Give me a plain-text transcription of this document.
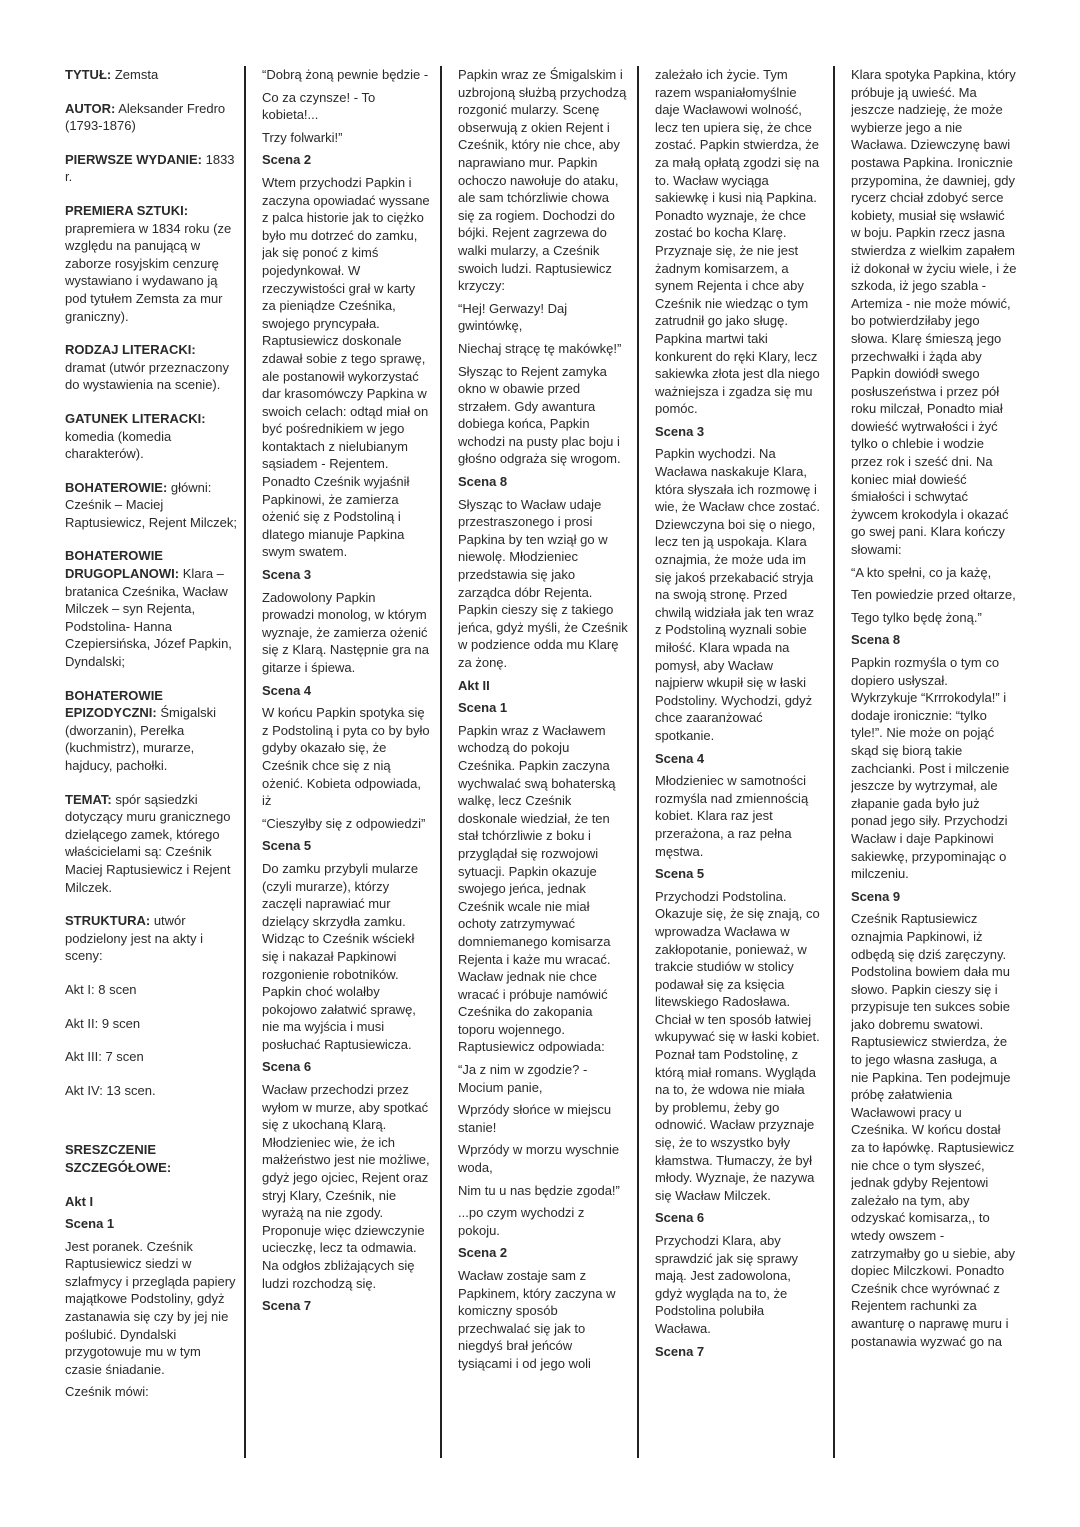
TYTUŁ: Zemsta

AUTOR: Aleksander Fredro (1793-1876)

PIERWSZE WYDANIE: 1833 r.

PREMIERA SZTUKI:
prapremiera w 1834 roku (ze względu na panującą w zaborze rosyjskim cenzurę wystawiano i wydawano ją pod tytułem Zemsta za mur graniczny).

RODZAJ LITERACKI: dramat (utwór przeznaczony do wystawienia na scenie).

GATUNEK LITERACKI:
komedia (komedia charakterów).

BOHATEROWIE: główni: Cześnik – Maciej Raptusiewicz, Rejent Milczek;

BOHATEROWIE DRUGOPLANOWI: Klara – bratanica Cześnika, Wacław Milczek – syn Rejenta, Podstolina- Hanna Czepiersińska, Józef Papkin, Dyndalski;

BOHATEROWIE EPIZODYCZNI: Śmigalski (dworzanin), Perełka (kuchmistrz), murarze, hajducy, pachołki.

TEMAT: spór sąsiedzki dotyczący muru granicznego dzielącego zamek, którego właścicielami są: Cześnik Maciej Raptusiewicz i Rejent Milczek.

STRUKTURA: utwór podzielony jest na akty i sceny:

Akt I: 8 scen

Akt II: 9 scen

Akt III: 7 scen

Akt IV: 13 scen.

SRESZCZENIE SZCZEGÓŁOWE:

Akt I

Scena 1

Jest poranek. Cześnik Raptusiewicz siedzi w szlafmycy i przegląda papiery majątkowe Podstoliny, gdyż zastanawia się czy by jej nie poślubić. Dyndalski przygotowuje mu w tym czasie śniadanie.

Cześnik mówi:

“Dobrą żoną pewnie będzie -

Co za czynsze! - To kobieta!...

Trzy folwarki!”

Scena 2

Wtem przychodzi Papkin i zaczyna opowiadać wyssane z palca historie jak to ciężko było mu dotrzeć do zamku, jak się ponoć z kimś pojedynkował. W rzeczywistości grał w karty za pieniądze Cześnika, swojego pryncypała. Raptusiewicz doskonale zdawał sobie z tego sprawę, ale postanowił wykorzystać dar krasomówczy Papkina w swoich celach: odtąd miał on być pośrednikiem w jego kontaktach z nielubianym sąsiadem - Rejentem. Ponadto Cześnik wyjaśnił Papkinowi, że zamierza ożenić się z Podstoliną i dlatego mianuje Papkina swym swatem.

Scena 3

Zadowolony Papkin prowadzi monolog, w którym wyznaje, że zamierza ożenić się z Klarą. Następnie gra na gitarze i śpiewa.

Scena 4

W końcu Papkin spotyka się z Podstoliną i pyta co by było gdyby okazało się, że Cześnik chce się z nią ożenić. Kobieta odpowiada, iż

“Cieszyłby się z odpowiedzi”

Scena 5

Do zamku przybyli mularze (czyli murarze), którzy zaczęli naprawiać mur dzielący skrzydła zamku. Widząc to Cześnik wściekł się i nakazał Papkinowi rozgonienie robotników. Papkin choć wolałby pokojowo załatwić sprawę, nie ma wyjścia i musi posłuchać Raptusiewicza.

Scena 6

Wacław przechodzi przez wyłom w murze, aby spotkać się z ukochaną Klarą. Młodzieniec wie, że ich małżeństwo jest nie możliwe, gdyż jego ojciec, Rejent oraz stryj Klary, Cześnik, nie wyrażą na nie zgody. Proponuje więc dziewczynie ucieczkę, lecz ta odmawia. Na odgłos zbliżających się ludzi rozchodzą się.

Scena 7

Papkin wraz ze Śmigalskim i uzbrojoną służbą przychodzą rozgonić mularzy. Scenę obserwują z okien Rejent i Cześnik, który nie chce, aby naprawiano mur. Papkin ochoczo nawołuje do ataku, ale sam tchórzliwie chowa się za rogiem. Dochodzi do bójki. Rejent zagrzewa do walki mularzy, a Cześnik swoich ludzi. Raptusiewicz krzyczy:

“Hej! Gerwazy! Daj gwintówkę,

Niechaj strącę tę makówkę!”

Słysząc to Rejent zamyka okno w obawie przed strzałem. Gdy awantura dobiega końca, Papkin wchodzi na pusty plac boju i głośno odgraża się wrogom.

Scena 8

Słysząc to Wacław udaje przestraszonego i prosi Papkina by ten wziął go w niewolę. Młodzieniec przedstawia się jako zarządca dóbr Rejenta. Papkin cieszy się z takiego jeńca, gdyż myśli, że Cześnik w podzience odda mu Klarę za żonę.

Akt II

Scena 1

Papkin wraz z Wacławem wchodzą do pokoju Cześnika. Papkin zaczyna wychwalać swą bohaterską walkę, lecz Cześnik doskonale wiedział, że ten stał tchórzliwie z boku i przyglądał się rozwojowi sytuacji. Papkin okazuje swojego jeńca, jednak Cześnik wcale nie miał ochoty zatrzymywać domniemanego komisarza Rejenta i każe mu wracać. Wacław jednak nie chce wracać i próbuje namówić Cześnika do zakopania toporu wojennego. Raptusiewicz odpowiada:

“Ja z nim w zgodzie? - Mocium panie,

Wprzódy słońce w miejscu stanie!

Wprzódy w morzu wyschnie woda,

Nim tu u nas będzie zgoda!”

...po czym wychodzi z pokoju.

Scena 2

Wacław zostaje sam z Papkinem, który zaczyna w komiczny sposób przechwalać się jak to niegdyś brał jeńców tysiącami i od jego woli

zależało ich życie. Tym razem wspaniałomyślnie daje Wacławowi wolność, lecz ten upiera się, że chce zostać. Papkin stwierdza, że za małą opłatą zgodzi się na to. Wacław wyciąga sakiewkę i kusi nią Papkina. Ponadto wyznaje, że chce zostać bo kocha Klarę. Przyznaje się, że nie jest żadnym komisarzem, a synem Rejenta i chce aby Cześnik nie wiedząc o tym zatrudnił go jako sługę. Papkina martwi taki konkurent do ręki Klary, lecz sakiewka złota jest dla niego ważniejsza i zgadza się mu pomóc.

Scena 3

Papkin wychodzi. Na Wacława naskakuje Klara, która słyszała ich rozmowę i wie, że Wacław chce zostać. Dziewczyna boi się o niego, lecz ten ją uspokaja. Klara oznajmia, że może uda im się jakoś przekabacić stryja na swoją stronę. Przed chwilą widziała jak ten wraz z Podstoliną wyznali sobie miłość. Klara wpada na pomysł, aby Wacław najpierw wkupił się w łaski Podstoliny. Wychodzi, gdyż chce zaaranżować spotkanie.

Scena 4

Młodzieniec w samotności rozmyśla nad zmiennością kobiet. Klara raz jest przerażona, a raz pełna męstwa.

Scena 5

Przychodzi Podstolina. Okazuje się, że się znają, co wprowadza Wacława w zakłopotanie, ponieważ, w trakcie studiów w stolicy podawał się za księcia litewskiego Radosława. Chciał w ten sposób łatwiej wkupywać się w łaski kobiet. Poznał tam Podstolinę, z którą miał romans. Wygląda na to, że wdowa nie miała by problemu, żeby go odnowić. Wacław przyznaje się, że to wszystko były kłamstwa. Tłumaczy, że był młody. Wyznaje, że nazywa się Wacław Milczek.

Scena 6

Przychodzi Klara, aby sprawdzić jak się sprawy mają. Jest zadowolona, gdyż wygląda na to, że Podstolina polubiła Wacława.

Scena 7

Klara spotyka Papkina, który próbuje ją uwieść. Ma jeszcze nadzieję, że może wybierze jego a nie Wacława. Dziewczynę bawi postawa Papkina. Ironicznie przypomina, że dawniej, gdy rycerz chciał zdobyć serce kobiety, musiał się wsławić w boju. Papkin rzecz jasna stwierdza z wielkim zapałem iż dokonał w życiu wiele, i że szkoda, iż jego szabla - Artemiza - nie może mówić, bo potwierdziłaby jego słowa. Klarę śmieszą jego przechwałki i żąda aby Papkin dowiódł swego posłuszeństwa i przez pół roku milczał, Ponadto miał dowieść wytrwałości i żyć tylko o chlebie i wodzie przez rok i sześć dni. Na koniec miał dowieść śmiałości i schwytać żywcem krokodyla i okazać go swej pani. Klara kończy słowami:

“A kto spełni, co ja każę,

Ten powiedzie przed ołtarze,

Tego tylko będę żoną.”

Scena 8

Papkin rozmyśla o tym co dopiero usłyszał. Wykrzykuje “Krrrokodyla!” i dodaje ironicznie: “tylko tyle!”. Nie może on pojąć skąd się biorą takie zachcianki. Post i milczenie jeszcze by wytrzymał, ale złapanie gada było już ponad jego siły. Przychodzi Wacław i daje Papkinowi sakiewkę, przypominając o milczeniu.

Scena 9

Cześnik Raptusiewicz oznajmia Papkinowi, iż odbędą się dziś zaręczyny. Podstolina bowiem dała mu słowo. Papkin cieszy się i przypisuje ten sukces sobie jako dobremu swatowi. Raptusiewicz stwierdza, że to jego własna zasługa, a nie Papkina. Ten podejmuje próbę załatwienia Wacławowi pracy u Cześnika. W końcu dostał za to łapówkę. Raptusiewicz nie chce o tym słyszeć, jednak gdyby Rejentowi zależało na tym, aby odzyskać komisarza,, to wtedy owszem - zatrzymałby go u siebie, aby dopiec Milczkowi. Ponadto Cześnik chce wyrównać z Rejentem rachunki za awanturę o naprawę muru i postanawia wyzwać go na
